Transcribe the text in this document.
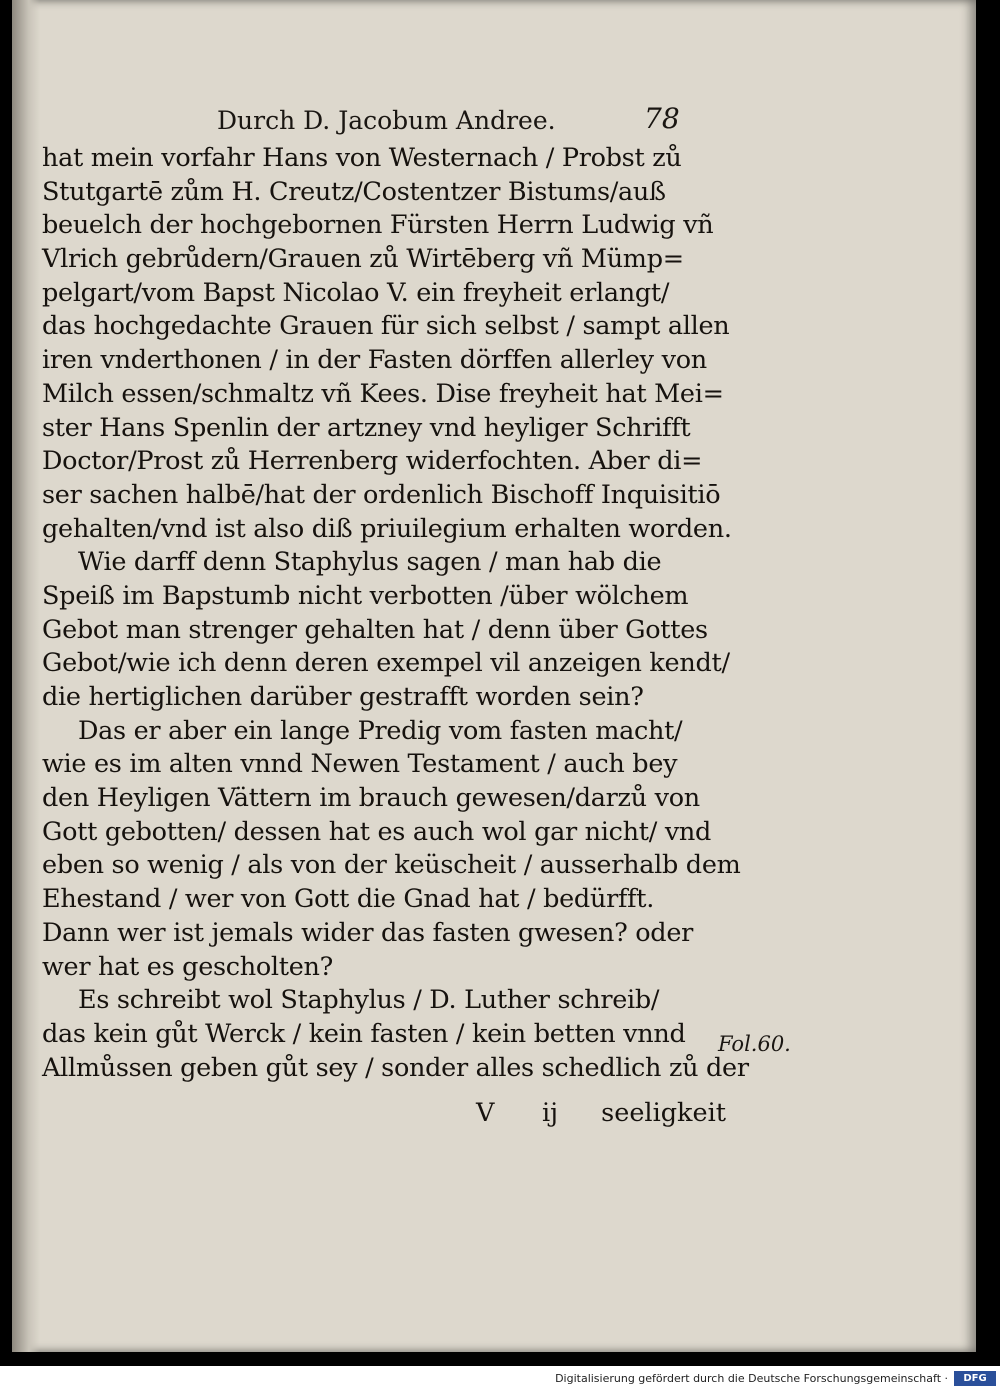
Durch D. Jacobum Andree.	78
hat mein vorfahr Hans von Westernach / Probst zů
Stutgartē zům H. Creutz/Costentzer Bistums/auß
beuelch der hochgebornen Fürsten Herrn Ludwig vñ
Vlrich gebrůdern/Grauen zů Wirtēberg vñ Mümp=
pelgart/vom Bapst Nicolao V. ein freyheit erlangt/
das hochgedachte Grauen für sich selbst / sampt allen
iren vnderthonen / in der Fasten dörffen allerley von
Milch essen/schmaltz vñ Kees. Dise freyheit hat Mei=
ster Hans Spenlin der artzney vnd heyliger Schrifft
Doctor/Prost zů Herrenberg widerfochten. Aber di=
ser sachen halbē/hat der ordenlich Bischoff Inquisitiō
gehalten/vnd ist also diß priuilegium erhalten worden.
Wie darff denn Staphylus sagen / man hab die
Speiß im Bapstumb nicht verbotten /über wölchem
Gebot man strenger gehalten hat / denn über Gottes
Gebot/wie ich denn deren exempel vil anzeigen kendt/
die hertiglichen darüber gestrafft worden sein?
Das er aber ein lange Predig vom fasten macht/
wie es im alten vnnd Newen Testament / auch bey
den Heyligen Vättern im brauch gewesen/darzů von
Gott gebotten/ dessen hat es auch wol gar nicht/ vnd
eben so wenig / als von der keüscheit / ausserhalb dem
Ehestand / wer von Gott die Gnad hat / bedürfft.
Dann wer ist jemals wider das fasten gwesen? oder
wer hat es gescholten?
Es schreibt wol Staphylus / D. Luther schreib/
das kein gůt Werck / kein fasten / kein betten vnnd
Allmůssen geben gůt sey / sonder alles schedlich zů der
Fol.60.
V ij seeligkeit
Digitalisierung gefördert durch die Deutsche Forschungsgemeinschaft ·	DFG
